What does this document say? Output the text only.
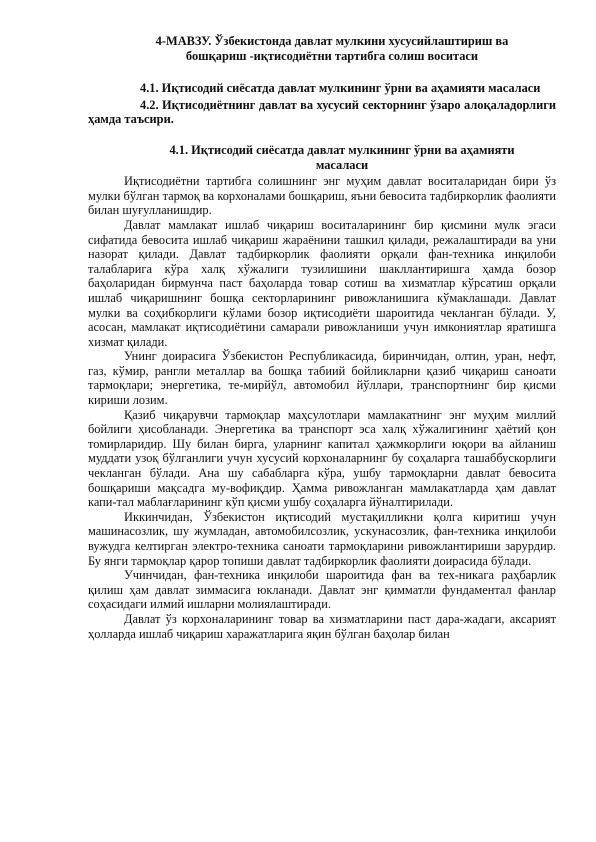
4-МАВЗУ. Ўзбекистонда давлат мулкини хусусийлаштириш ва
бошқариш -иқтисодиётни тартибга солиш воситаси

4.1. Иқтисодий сиёсатда давлат мулкининг ўрни ва аҳамияти масаласи

4.2. Иқтисодиётнинг давлат ва хусусий секторнинг ўзаро алоқаладорлиги ҳамда таъсири.

4.1. Иқтисодий сиёсатда давлат мулкининг ўрни ва аҳамияти
масаласи

Иқтисодиётни тартибга солишнинг энг муҳим давлат воситаларидан бири ўз мулки бўлган тармоқ ва корхоналами бошқариш, яъни бевосита тадбиркорлик фаолияти билан шуғулланишдир.

Давлат мамлакат ишлаб чиқариш воситаларининг бир қисмини мулк эгаси сифатида бевосита ишлаб чиқариш жараёнини ташкил қилади, режалаштиради ва уни назорат қилади. Давлат тадбиркорлик фаолияти орқали фан-техника инқилоби талабларига кўра халқ хўжалиги тузилишини шакллантиришга ҳамда бозор баҳоларидан бирмунча паст баҳоларда товар сотиш ва хизматлар кўрсатиш орқали ишлаб чиқаришнинг бошқа секторларининг ривожланишига кўмаклашади. Давлат мулки ва соҳибкорлиги кўлами бозор иқтисодиёти шароитида чекланган бўлади. У, асосан, мамлакат иқтисодиётини самарали ривожланиши учун имкониятлар яратишга хизмат қилади.

Унинг доирасига Ўзбекистон Республикасида, биринчидан, олтин, уран, нефт, газ, кўмир, рангли металлар ва бошқа табиий бойликларни қазиб чиқариш саноати тармоқлари; энергетика, те-мирйўл, автомобил йўллари, транспортнинг бир қисми кириши лозим.

Қазиб чиқарувчи тармоқлар маҳсулотлари мамлакатнинг энг муҳим миллий бойлиги ҳисобланади. Энергетика ва транспорт эса халқ хўжалигининг ҳаётий қон томирларидир. Шу билан бирга, уларнинг капитал ҳажмкорлиги юқори ва айланиш муддати узоқ бўлганлиги учун хусусий корхоналарнинг бу соҳаларга ташаббускорлиги чекланган бўлади. Ана шу сабабларга кўра, ушбу тармоқларни давлат бевосита бошқариши мақсадга му-вофиқдир. Ҳамма ривожланган мамлакатларда ҳам давлат капи-тал маблағларининг кўп қисми ушбу соҳаларга йўналтирилади.

Иккинчидан, Ўзбекистон иқтисодий мустақилликни қолга киритиш учун машинасозлик, шу жумладан, автомобилсозлик, ускунасозлик, фан-техника инқилоби вужудга келтирган электро-техника саноати тармоқларини ривожлантириши зарурдир. Бу янги тармоқлар қарор топиши давлат тадбиркорлик фаолияти доирасида бўлади.

Учинчидан, фан-техника инқилоби шароитида фан ва тех-никага раҳбарлик қилиш ҳам давлат зиммасига юкланади. Давлат энг қимматли фундаментал фанлар соҳасидаги илмий ишларни молиялаштиради.

Давлат ўз корхоналарининг товар ва хизматларини паст дара-жадаги, аксарият ҳолларда ишлаб чиқариш харажатларига яқин бўлган баҳолар билан
